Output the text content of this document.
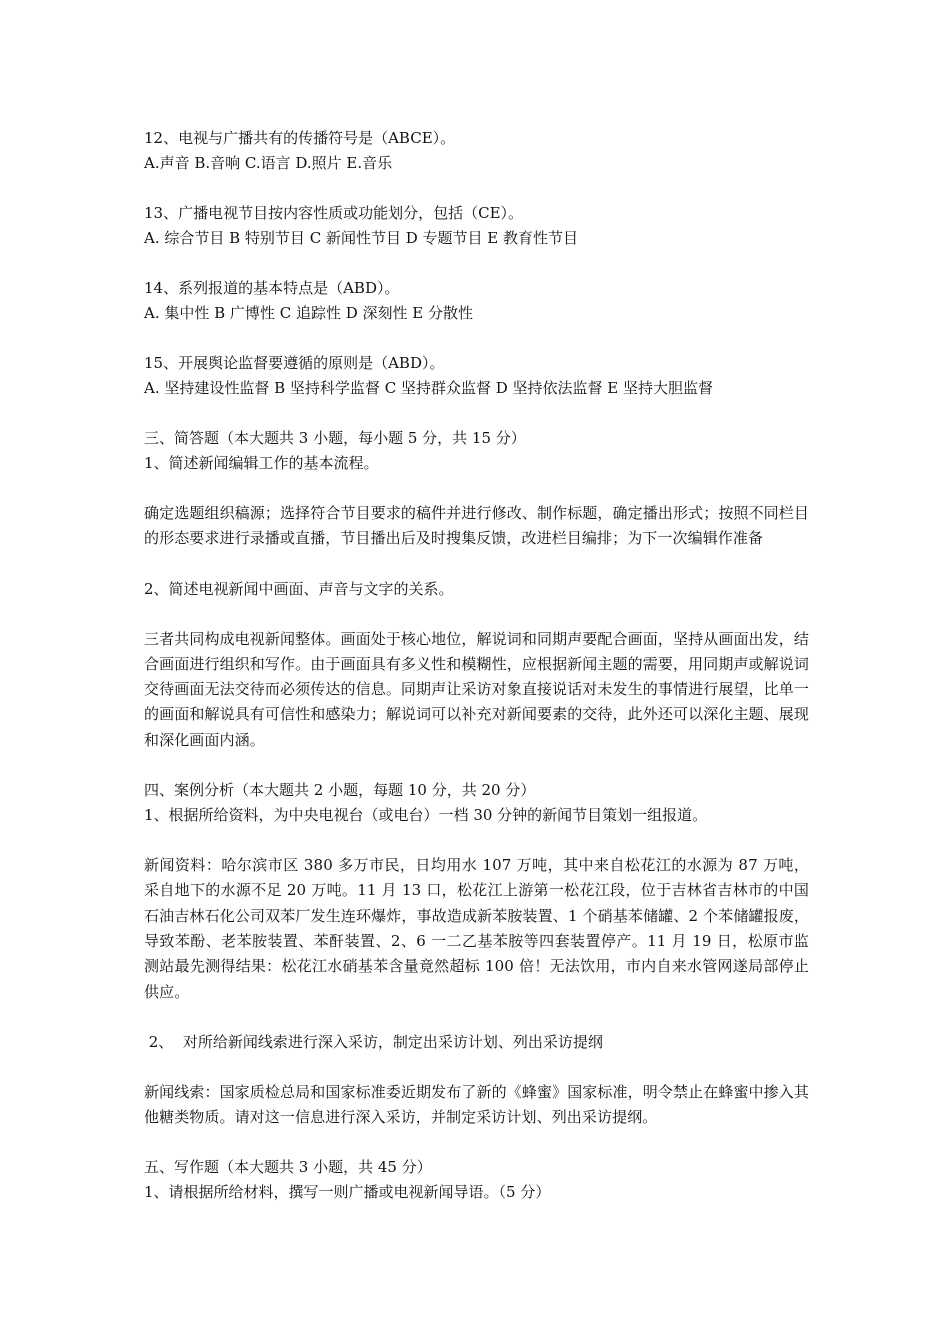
12、电视与广播共有的传播符号是（ABCE）。

A.声音 B.音响 C.语言 D.照片 E.音乐

13、广播电视节目按内容性质或功能划分，包括（CE）。

A. 综合节目 B 特别节目 C 新闻性节目 D 专题节目 E 教育性节目

14、系列报道的基本特点是（ABD）。

A. 集中性 B 广博性 C 追踪性 D 深刻性 E 分散性

15、开展舆论监督要遵循的原则是（ABD）。

A. 坚持建设性监督 B 坚持科学监督 C 坚持群众监督 D 坚持依法监督 E 坚持大胆监督

三、简答题（本大题共 3 小题，每小题 5 分，共 15 分）

1、简述新闻编辑工作的基本流程。

确定选题组织稿源；选择符合节目要求的稿件并进行修改、制作标题，确定播出形式；按照不同栏目的形态要求进行录播或直播，节目播出后及时搜集反馈，改进栏目编排；为下一次编辑作准备

2、简述电视新闻中画面、声音与文字的关系。

三者共同构成电视新闻整体。画面处于核心地位，解说词和同期声要配合画面，坚持从画面出发，结合画面进行组织和写作。由于画面具有多义性和模糊性，应根据新闻主题的需要，用同期声或解说词交待画面无法交待而必须传达的信息。同期声让采访对象直接说话对未发生的事情进行展望，比单一的画面和解说具有可信性和感染力；解说词可以补充对新闻要素的交待，此外还可以深化主题、展现和深化画面内涵。

四、案例分析（本大题共 2 小题，每题 10 分，共 20 分）

1、根据所给资料，为中央电视台（或电台）一档 30 分钟的新闻节目策划一组报道。

新闻资料：哈尔滨市区 380 多万市民，日均用水 107 万吨，其中来自松花江的水源为 87 万吨，采自地下的水源不足 20 万吨。11 月 13 口，松花江上游第一松花江段，位于吉林省吉林市的中国石油吉林石化公司双苯厂发生连环爆炸，事故造成新苯胺装置、1 个硝基苯储罐、2 个苯储罐报废，导致苯酚、老苯胺装置、苯酐装置、2、6 一二乙基苯胺等四套装置停产。11 月 19 日，松原市监测站最先测得结果：松花江水硝基苯含量竟然超标 100 倍！无法饮用，市内自来水管网遂局部停止供应。

2、  对所给新闻线索进行深入采访，制定出采访计划、列出采访提纲

新闻线索：国家质检总局和国家标准委近期发布了新的《蜂蜜》国家标准，明令禁止在蜂蜜中掺入其他糖类物质。请对这一信息进行深入采访，并制定采访计划、列出采访提纲。

五、写作题（本大题共 3 小题，共 45 分）

1、请根据所给材料，撰写一则广播或电视新闻导语。（5 分）
